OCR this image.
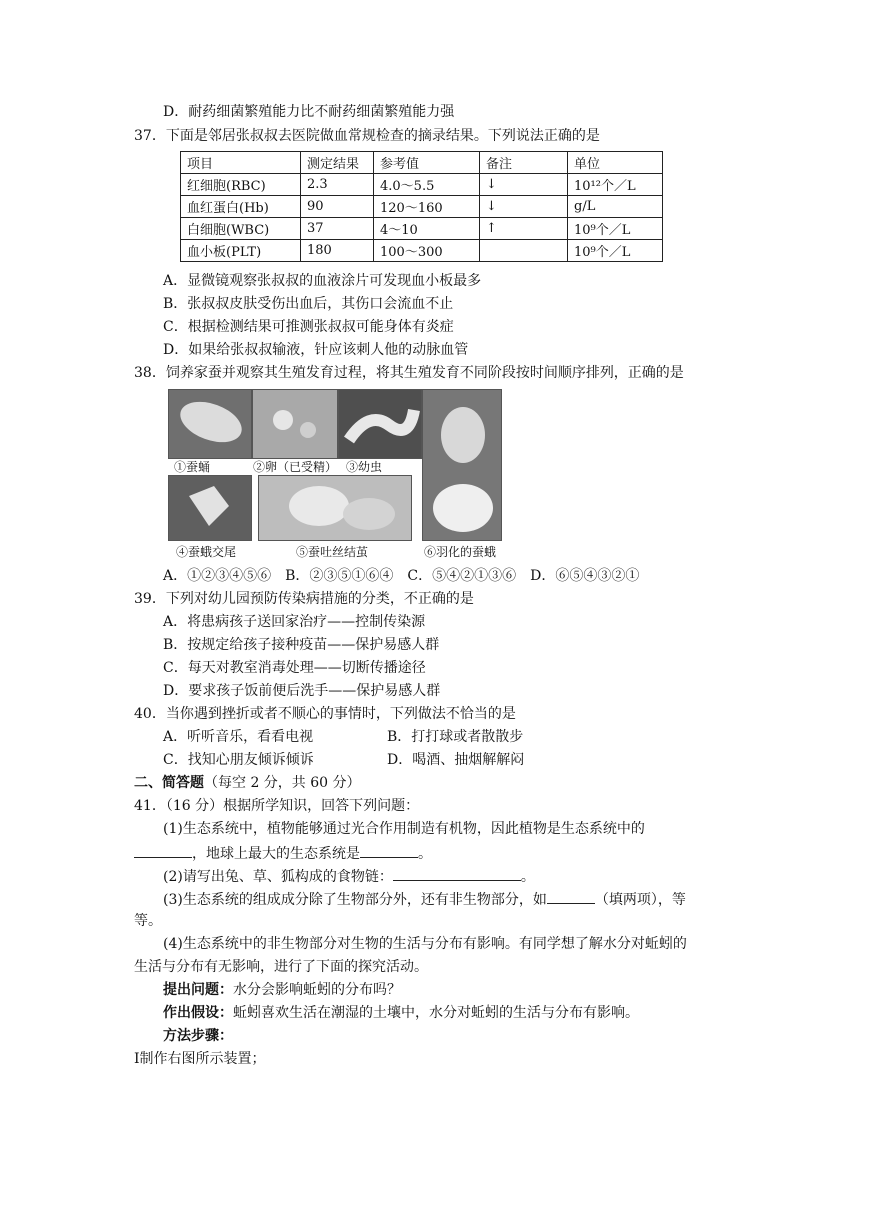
D．耐药细菌繁殖能力比不耐药细菌繁殖能力强
37．下面是邻居张叔叔去医院做血常规检查的摘录结果。下列说法正确的是
项目	测定结果	参考值	备注	单位
红细胞(RBC)	2.3	4.0～5.5	↓	10¹²个／L
血红蛋白(Hb)	90	120～160	↓	g/L
白细胞(WBC)	37	4～10	↑	10⁹个／L
血小板(PLT)	180	100～300		10⁹个／L
A．显微镜观察张叔叔的血液涂片可发现血小板最多
B．张叔叔皮肤受伤出血后，其伤口会流血不止
C．根据检测结果可推测张叔叔可能身体有炎症
D．如果给张叔叔输液，针应该刺人他的动脉血管
38．饲养家蚕并观察其生殖发育过程，将其生殖发育不同阶段按时间顺序排列，正确的是
①蚕蛹	②卵（已受精） ③幼虫
④蚕蛾交尾	⑤蚕吐丝结茧	⑥羽化的蚕蛾
A．①②③④⑤⑥　B．②③⑤①⑥④　C．⑤④②①③⑥　D．⑥⑤④③②①
39．下列对幼儿园预防传染病措施的分类，不正确的是
A．将患病孩子送回家治疗——控制传染源
B．按规定给孩子接种疫苗——保护易感人群
C．每天对教室消毒处理——切断传播途径
D．要求孩子饭前便后洗手——保护易感人群
40．当你遇到挫折或者不顺心的事情时，下列做法不恰当的是
A．听听音乐，看看电视	B．打打球或者散散步
C．找知心朋友倾诉倾诉	D．喝酒、抽烟解解闷
二、简答题（每空 2 分，共 60 分）
41．（16 分）根据所学知识，回答下列问题：
(1)生态系统中，植物能够通过光合作用制造有机物，因此植物是生态系统中的
，地球上最大的生态系统是	。
(2)请写出兔、草、狐构成的食物链：	。
(3)生态系统的组成成分除了生物部分外，还有非生物部分，如	（填两项），等
等。
(4)生态系统中的非生物部分对生物的生活与分布有影响。有同学想了解水分对蚯蚓的
生活与分布有无影响，进行了下面的探究活动。
提出问题：水分会影响蚯蚓的分布吗？
作出假设：蚯蚓喜欢生活在潮湿的土壤中，水分对蚯蚓的生活与分布有影响。
方法步骤：
Ⅰ制作右图所示装置；
